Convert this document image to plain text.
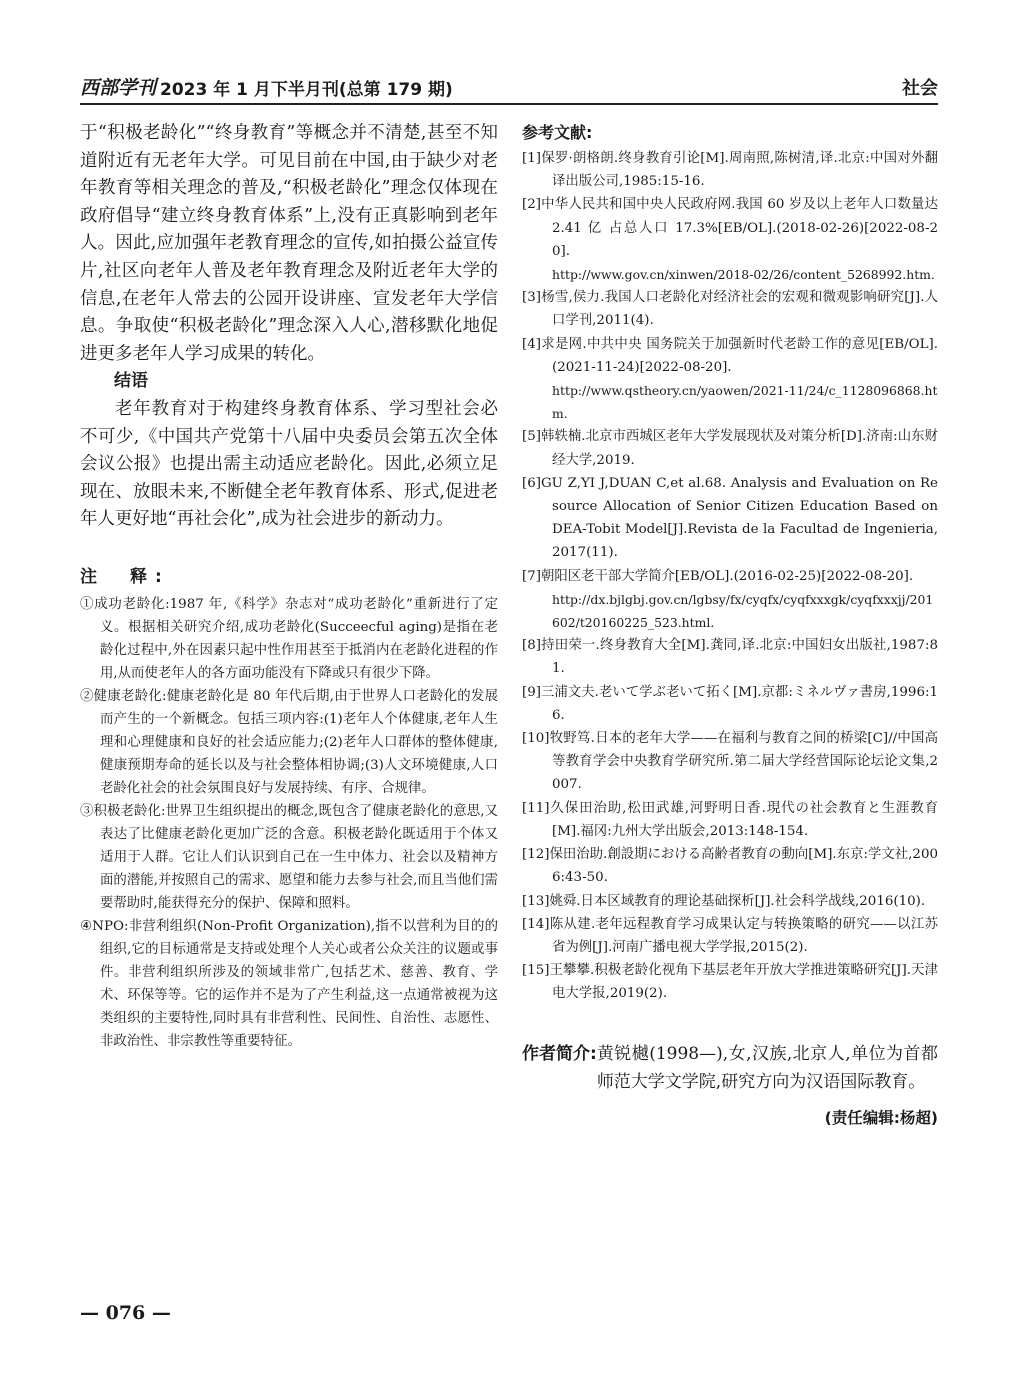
西部学刊 2023 年 1 月下半月刊(总第 179 期)	社会

于“积极老龄化”“终身教育”等概念并不清楚,甚至不知道附近有无老年大学。可见目前在中国,由于缺少对老年教育等相关理念的普及,“积极老龄化”理念仅体现在政府倡导“建立终身教育体系”上,没有正真影响到老年人。因此,应加强年老教育理念的宣传,如拍摄公益宣传片,社区向老年人普及老年教育理念及附近老年大学的信息,在老年人常去的公园开设讲座、宣发老年大学信息。争取使“积极老龄化”理念深入人心,潜移默化地促进更多老年人学习成果的转化。

结语

老年教育对于构建终身教育体系、学习型社会必不可少,《中国共产党第十八届中央委员会第五次全体会议公报》也提出需主动适应老龄化。因此,必须立足现在、放眼未来,不断健全老年教育体系、形式,促进老年人更好地“再社会化”,成为社会进步的新动力。

注　释:

①成功老龄化:1987 年,《科学》杂志对“成功老龄化”重新进行了定义。根据相关研究介绍,成功老龄化(Succeecful aging)是指在老龄化过程中,外在因素只起中性作用甚至于抵消内在老龄化进程的作用,从而使老年人的各方面功能没有下降或只有很少下降。

②健康老龄化:健康老龄化是 80 年代后期,由于世界人口老龄化的发展而产生的一个新概念。包括三项内容:(1)老年人个体健康,老年人生理和心理健康和良好的社会适应能力;(2)老年人口群体的整体健康,健康预期寿命的延长以及与社会整体相协调;(3)人文环境健康,人口老龄化社会的社会氛围良好与发展持续、有序、合规律。

③积极老龄化:世界卫生组织提出的概念,既包含了健康老龄化的意思,又表达了比健康老龄化更加广泛的含意。积极老龄化既适用于个体又适用于人群。它让人们认识到自己在一生中体力、社会以及精神方面的潜能,并按照自己的需求、愿望和能力去参与社会,而且当他们需要帮助时,能获得充分的保护、保障和照料。

④NPO:非营利组织(Non-Profit Organization),指不以营利为目的的组织,它的目标通常是支持或处理个人关心或者公众关注的议题或事件。非营利组织所涉及的领域非常广,包括艺术、慈善、教育、学术、环保等等。它的运作并不是为了产生利益,这一点通常被视为这类组织的主要特性,同时具有非营利性、民间性、自治性、志愿性、非政治性、非宗教性等重要特征。

参考文献:

[1]保罗·朗格朗.终身教育引论[M].周南照,陈树清,译.北京:中国对外翻译出版公司,1985:15-16.

[2]中华人民共和国中央人民政府网.我国 60 岁及以上老年人口数量达 2.41 亿 占总人口 17.3%[EB/OL].(2018-02-26)[2022-08-20].
http://www.gov.cn/xinwen/2018-02/26/content_5268992.htm.

[3]杨雪,侯力.我国人口老龄化对经济社会的宏观和微观影响研究[J].人口学刊,2011(4).

[4]求是网.中共中央 国务院关于加强新时代老龄工作的意见[EB/OL].(2021-11-24)[2022-08-20].
http://www.qstheory.cn/yaowen/2021-11/24/c_1128096868.htm.

[5]韩轶楠.北京市西城区老年大学发展现状及对策分析[D].济南:山东财经大学,2019.

[6]GU Z,YI J,DUAN C,et al.68. Analysis and Evaluation on Resource Allocation of Senior Citizen Education Based on DEA-Tobit Model[J].Revista de la Facultad de Ingenieria,2017(11).

[7]朝阳区老干部大学简介[EB/OL].(2016-02-25)[2022-08-20].
http://dx.bjlgbj.gov.cn/lgbsy/fx/cyqfx/cyqfxxxgk/cyqfxxxjj/201602/t20160225_523.html.

[8]持田荣一.终身教育大全[M].龚同,译.北京:中国妇女出版社,1987:81.

[9]三浦文夫.老いて学ぶ老いて拓く[M].京都:ミネルヴァ書房,1996:16.

[10]牧野笃.日本的老年大学——在福利与教育之间的桥梁[C]//中国高等教育学会中央教育学研究所.第二届大学经营国际论坛论文集,2007.

[11]久保田治助,松田武雄,河野明日香.現代の社会教育と生涯教育[M].福冈:九州大学出版会,2013:148-154.

[12]保田治助.創設期における高齢者教育の動向[M].东京:学文社,2006:43-50.

[13]姚舜.日本区域教育的理论基础探析[J].社会科学战线,2016(10).

[14]陈从建.老年远程教育学习成果认定与转换策略的研究——以江苏省为例[J].河南广播电视大学学报,2015(2).

[15]王攀攀.积极老龄化视角下基层老年开放大学推进策略研究[J].天津电大学报,2019(2).

作者简介: 黄锐樾(1998—),女,汉族,北京人,单位为首都师范大学文学院,研究方向为汉语国际教育。
(责任编辑:杨超)
— 076 —
